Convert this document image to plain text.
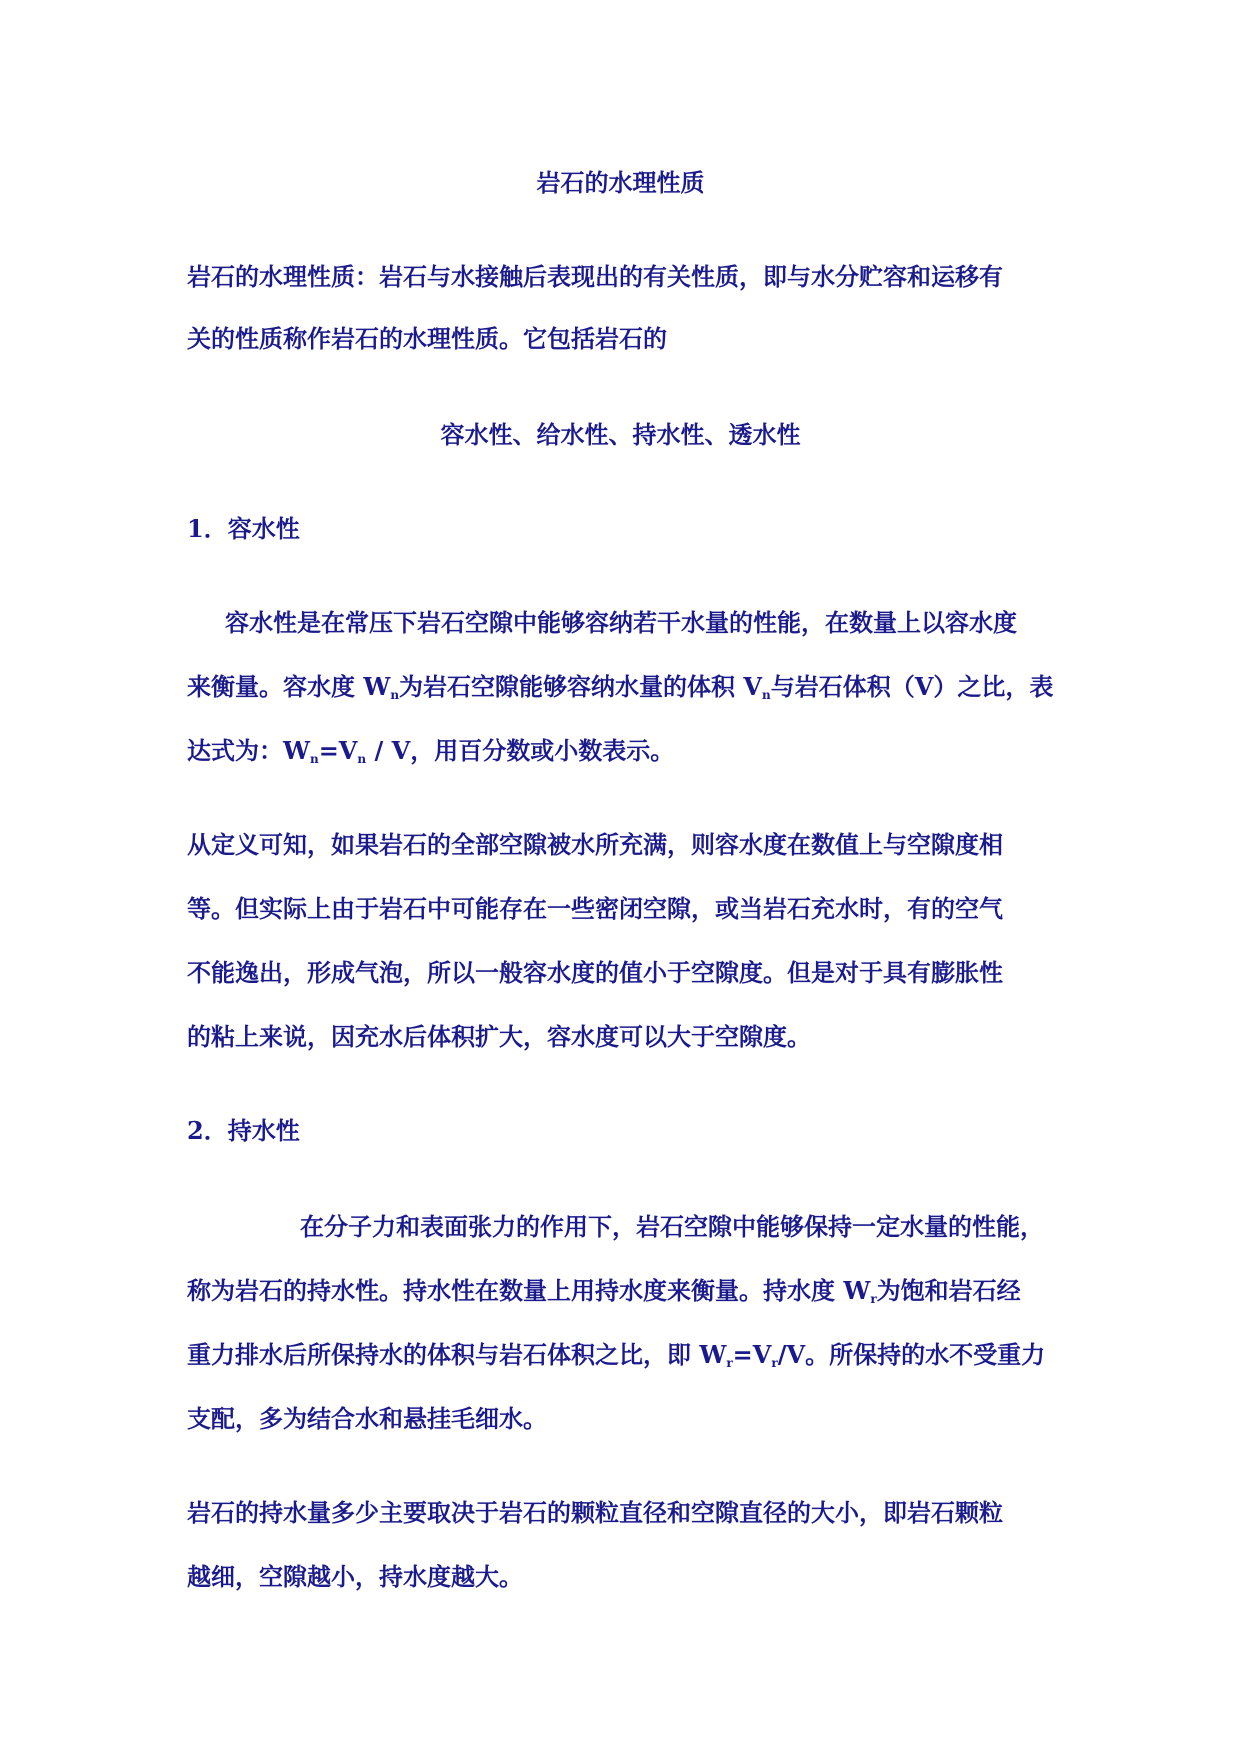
岩石的水理性质
岩石的水理性质：岩石与水接触后表现出的有关性质，即与水分贮容和运移有
关的性质称作岩石的水理性质。它包括岩石的
容水性、给水性、持水性、透水性
1．容水性
容水性是在常压下岩石空隙中能够容纳若干水量的性能，在数量上以容水度
来衡量。容水度 $W_n$为岩石空隙能够容纳水量的体积 $V_n$与岩石体积（V）之比，表
达式为：$W_n=V_n / V$，用百分数或小数表示。
从定义可知，如果岩石的全部空隙被水所充满，则容水度在数值上与空隙度相
等。但实际上由于岩石中可能存在一些密闭空隙，或当岩石充水时，有的空气
不能逸出，形成气泡，所以一般容水度的值小于空隙度。但是对于具有膨胀性
的粘上来说，因充水后体积扩大，容水度可以大于空隙度。
2．持水性
在分子力和表面张力的作用下，岩石空隙中能够保持一定水量的性能，
称为岩石的持水性。持水性在数量上用持水度来衡量。持水度 $W_r$为饱和岩石经
重力排水后所保持水的体积与岩石体积之比，即 $W_r=V_r/V$。所保持的水不受重力
支配，多为结合水和悬挂毛细水。
岩石的持水量多少主要取决于岩石的颗粒直径和空隙直径的大小，即岩石颗粒
越细，空隙越小，持水度越大。
